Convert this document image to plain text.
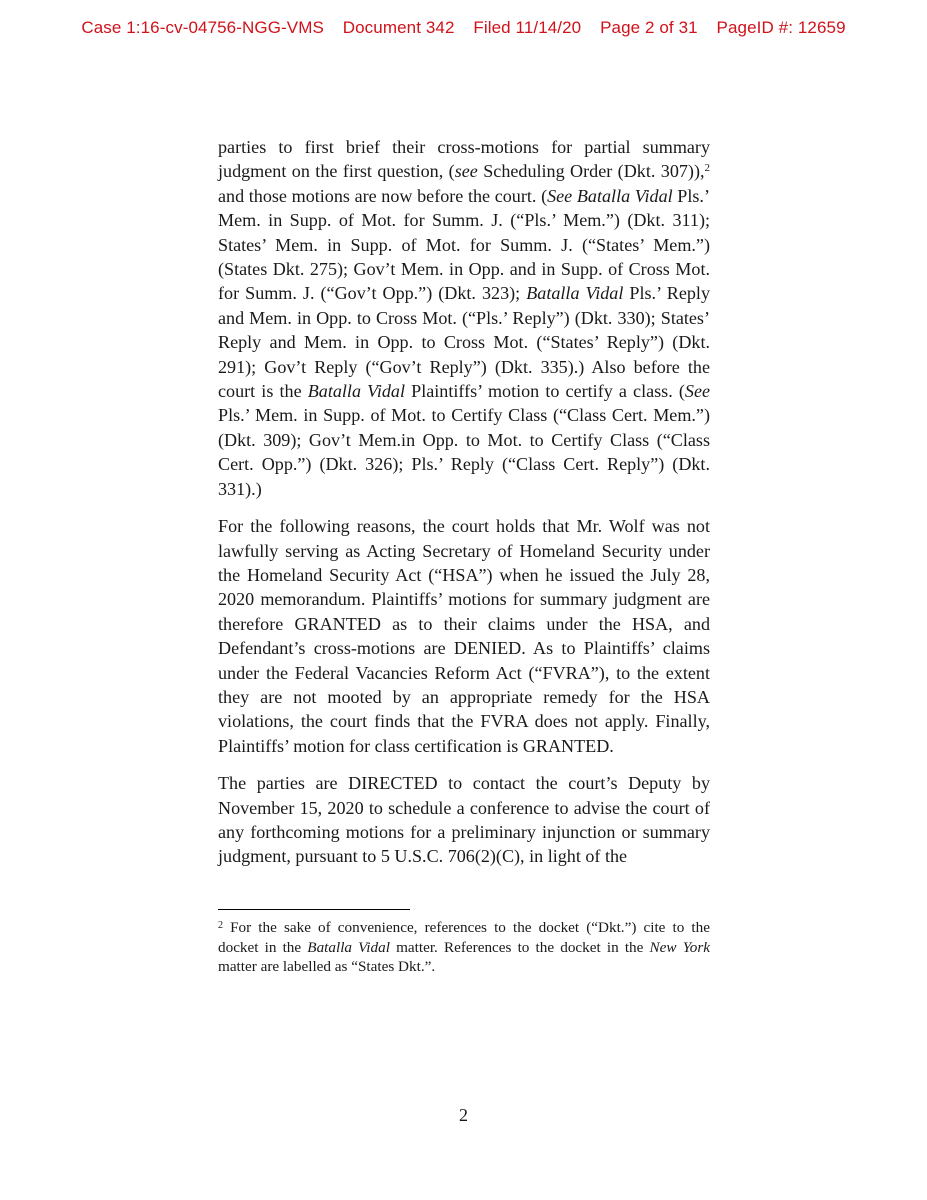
Case 1:16-cv-04756-NGG-VMS Document 342 Filed 11/14/20 Page 2 of 31 PageID #: 12659

parties to first brief their cross-motions for partial summary judgment on the first question, (see Scheduling Order (Dkt. 307)),$^2$ and those motions are now before the court. (See Batalla Vidal Pls.’ Mem. in Supp. of Mot. for Summ. J. (“Pls.’ Mem.”) (Dkt. 311); States’ Mem. in Supp. of Mot. for Summ. J. (“States’ Mem.”) (States Dkt. 275); Gov’t Mem. in Opp. and in Supp. of Cross Mot. for Summ. J. (“Gov’t Opp.”) (Dkt. 323); Batalla Vidal Pls.’ Reply and Mem. in Opp. to Cross Mot. (“Pls.’ Reply”) (Dkt. 330); States’ Reply and Mem. in Opp. to Cross Mot. (“States’ Reply”) (Dkt. 291); Gov’t Reply (“Gov’t Reply”) (Dkt. 335).) Also before the court is the Batalla Vidal Plaintiffs’ motion to certify a class. (See Pls.’ Mem. in Supp. of Mot. to Certify Class (“Class Cert. Mem.”) (Dkt. 309); Gov’t Mem.in Opp. to Mot. to Certify Class (“Class Cert. Opp.”) (Dkt. 326); Pls.’ Reply (“Class Cert. Reply”) (Dkt. 331).)

For the following reasons, the court holds that Mr. Wolf was not lawfully serving as Acting Secretary of Homeland Security under the Homeland Security Act (“HSA”) when he issued the July 28, 2020 memorandum. Plaintiffs’ motions for summary judgment are therefore GRANTED as to their claims under the HSA, and Defendant’s cross-motions are DENIED. As to Plaintiffs’ claims under the Federal Vacancies Reform Act (“FVRA”), to the extent they are not mooted by an appropriate remedy for the HSA violations, the court finds that the FVRA does not apply. Finally, Plaintiffs’ motion for class certification is GRANTED.

The parties are DIRECTED to contact the court’s Deputy by November 15, 2020 to schedule a conference to advise the court of any forthcoming motions for a preliminary injunction or summary judgment, pursuant to 5 U.S.C. 706(2)(C), in light of the

$^2$ For the sake of convenience, references to the docket (“Dkt.”) cite to the docket in the Batalla Vidal matter. References to the docket in the New York matter are labelled as “States Dkt.”.
2
